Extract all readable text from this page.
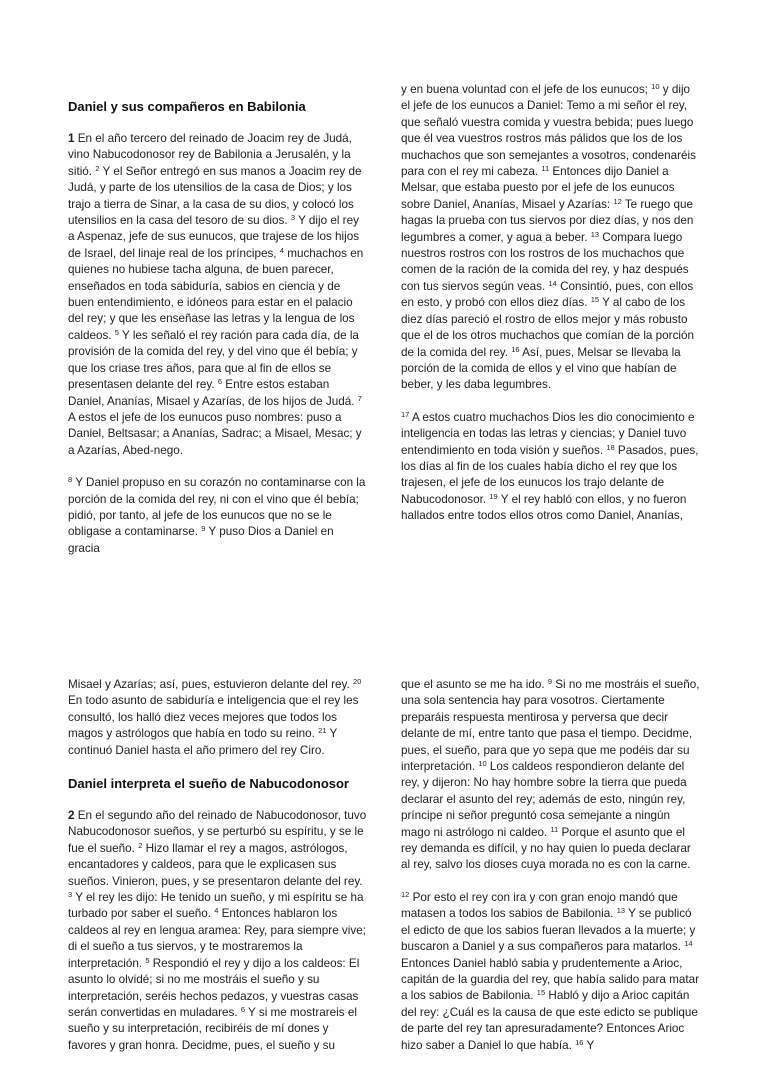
Daniel y sus compañeros en Babilonia

1 En el año tercero del reinado de Joacim rey de Judá, vino Nabucodonosor rey de Babilonia a Jerusalén, y la sitió. $^2$ Y el Señor entregó en sus manos a Joacim rey de Judá, y parte de los utensilios de la casa de Dios; y los trajo a tierra de Sinar, a la casa de su dios, y colocó los utensilios en la casa del tesoro de su dios. $^3$ Y dijo el rey a Aspenaz, jefe de sus eunucos, que trajese de los hijos de Israel, del linaje real de los príncipes, $^4$ muchachos en quienes no hubiese tacha alguna, de buen parecer, enseñados en toda sabiduría, sabios en ciencia y de buen entendimiento, e idóneos para estar en el palacio del rey; y que les enseñase las letras y la lengua de los caldeos. $^5$ Y les señaló el rey ración para cada día, de la provisión de la comida del rey, y del vino que él bebía; y que los criase tres años, para que al fin de ellos se presentasen delante del rey. $^6$ Entre estos estaban Daniel, Ananías, Misael y Azarías, de los hijos de Judá. $^7$ A estos el jefe de los eunucos puso nombres: puso a Daniel, Beltsasar; a Ananías, Sadrac; a Misael, Mesac; y a Azarías, Abed-nego.

$^8$ Y Daniel propuso en su corazón no contaminarse con la porción de la comida del rey, ni con el vino que él bebía; pidió, por tanto, al jefe de los eunucos que no se le obligase a contaminarse. $^9$ Y puso Dios a Daniel en gracia

y en buena voluntad con el jefe de los eunucos; $^{10}$ y dijo el jefe de los eunucos a Daniel: Temo a mi señor el rey, que señaló vuestra comida y vuestra bebida; pues luego que él vea vuestros rostros más pálidos que los de los muchachos que son semejantes a vosotros, condenaréis para con el rey mi cabeza. $^{11}$ Entonces dijo Daniel a Melsar, que estaba puesto por el jefe de los eunucos sobre Daniel, Ananías, Misael y Azarías: $^{12}$ Te ruego que hagas la prueba con tus siervos por diez días, y nos den legumbres a comer, y agua a beber. $^{13}$ Compara luego nuestros rostros con los rostros de los muchachos que comen de la ración de la comida del rey, y haz después con tus siervos según veas. $^{14}$ Consintió, pues, con ellos en esto, y probó con ellos diez días. $^{15}$ Y al cabo de los diez días pareció el rostro de ellos mejor y más robusto que el de los otros muchachos que comían de la porción de la comida del rey. $^{16}$ Así, pues, Melsar se llevaba la porción de la comida de ellos y el vino que habían de beber, y les daba legumbres.

$^{17}$ A estos cuatro muchachos Dios les dio conocimiento e inteligencia en todas las letras y ciencias; y Daniel tuvo entendimiento en toda visión y sueños. $^{18}$ Pasados, pues, los días al fin de los cuales había dicho el rey que los trajesen, el jefe de los eunucos los trajo delante de Nabucodonosor. $^{19}$ Y el rey habló con ellos, y no fueron hallados entre todos ellos otros como Daniel, Ananías,

Misael y Azarías; así, pues, estuvieron delante del rey. $^{20}$ En todo asunto de sabiduría e inteligencia que el rey les consultó, los halló diez veces mejores que todos los magos y astrólogos que había en todo su reino. $^{21}$ Y continuó Daniel hasta el año primero del rey Ciro.

Daniel interpreta el sueño de Nabucodonosor

2 En el segundo año del reinado de Nabucodonosor, tuvo Nabucodonosor sueños, y se perturbó su espíritu, y se le fue el sueño. $^2$ Hizo llamar el rey a magos, astrólogos, encantadores y caldeos, para que le explicasen sus sueños. Vinieron, pues, y se presentaron delante del rey. $^3$ Y el rey les dijo: He tenido un sueño, y mi espíritu se ha turbado por saber el sueño. $^4$ Entonces hablaron los caldeos al rey en lengua aramea: Rey, para siempre vive; di el sueño a tus siervos, y te mostraremos la interpretación. $^5$ Respondió el rey y dijo a los caldeos: El asunto lo olvidé; si no me mostráis el sueño y su interpretación, seréis hechos pedazos, y vuestras casas serán convertidas en muladares. $^6$ Y si me mostrareis el sueño y su interpretación, recibiréis de mí dones y favores y gran honra. Decidme, pues, el sueño y su

que el asunto se me ha ido. $^9$ Si no me mostráis el sueño, una sola sentencia hay para vosotros. Ciertamente preparáis respuesta mentirosa y perversa que decir delante de mí, entre tanto que pasa el tiempo. Decidme, pues, el sueño, para que yo sepa que me podéis dar su interpretación. $^{10}$ Los caldeos respondieron delante del rey, y dijeron: No hay hombre sobre la tierra que pueda declarar el asunto del rey; además de esto, ningún rey, príncipe ni señor preguntó cosa semejante a ningún mago ni astrólogo ni caldeo. $^{11}$ Porque el asunto que el rey demanda es difícil, y no hay quien lo pueda declarar al rey, salvo los dioses cuya morada no es con la carne.

$^{12}$ Por esto el rey con ira y con gran enojo mandó que matasen a todos los sabios de Babilonia. $^{13}$ Y se publicó el edicto de que los sabios fueran llevados a la muerte; y buscaron a Daniel y a sus compañeros para matarlos. $^{14}$ Entonces Daniel habló sabia y prudentemente a Arioc, capitán de la guardia del rey, que había salido para matar a los sabios de Babilonia. $^{15}$ Habló y dijo a Arioc capitán del rey: ¿Cuál es la causa de que este edicto se publique de parte del rey tan apresuradamente? Entonces Arioc hizo saber a Daniel lo que había. $^{16}$ Y
